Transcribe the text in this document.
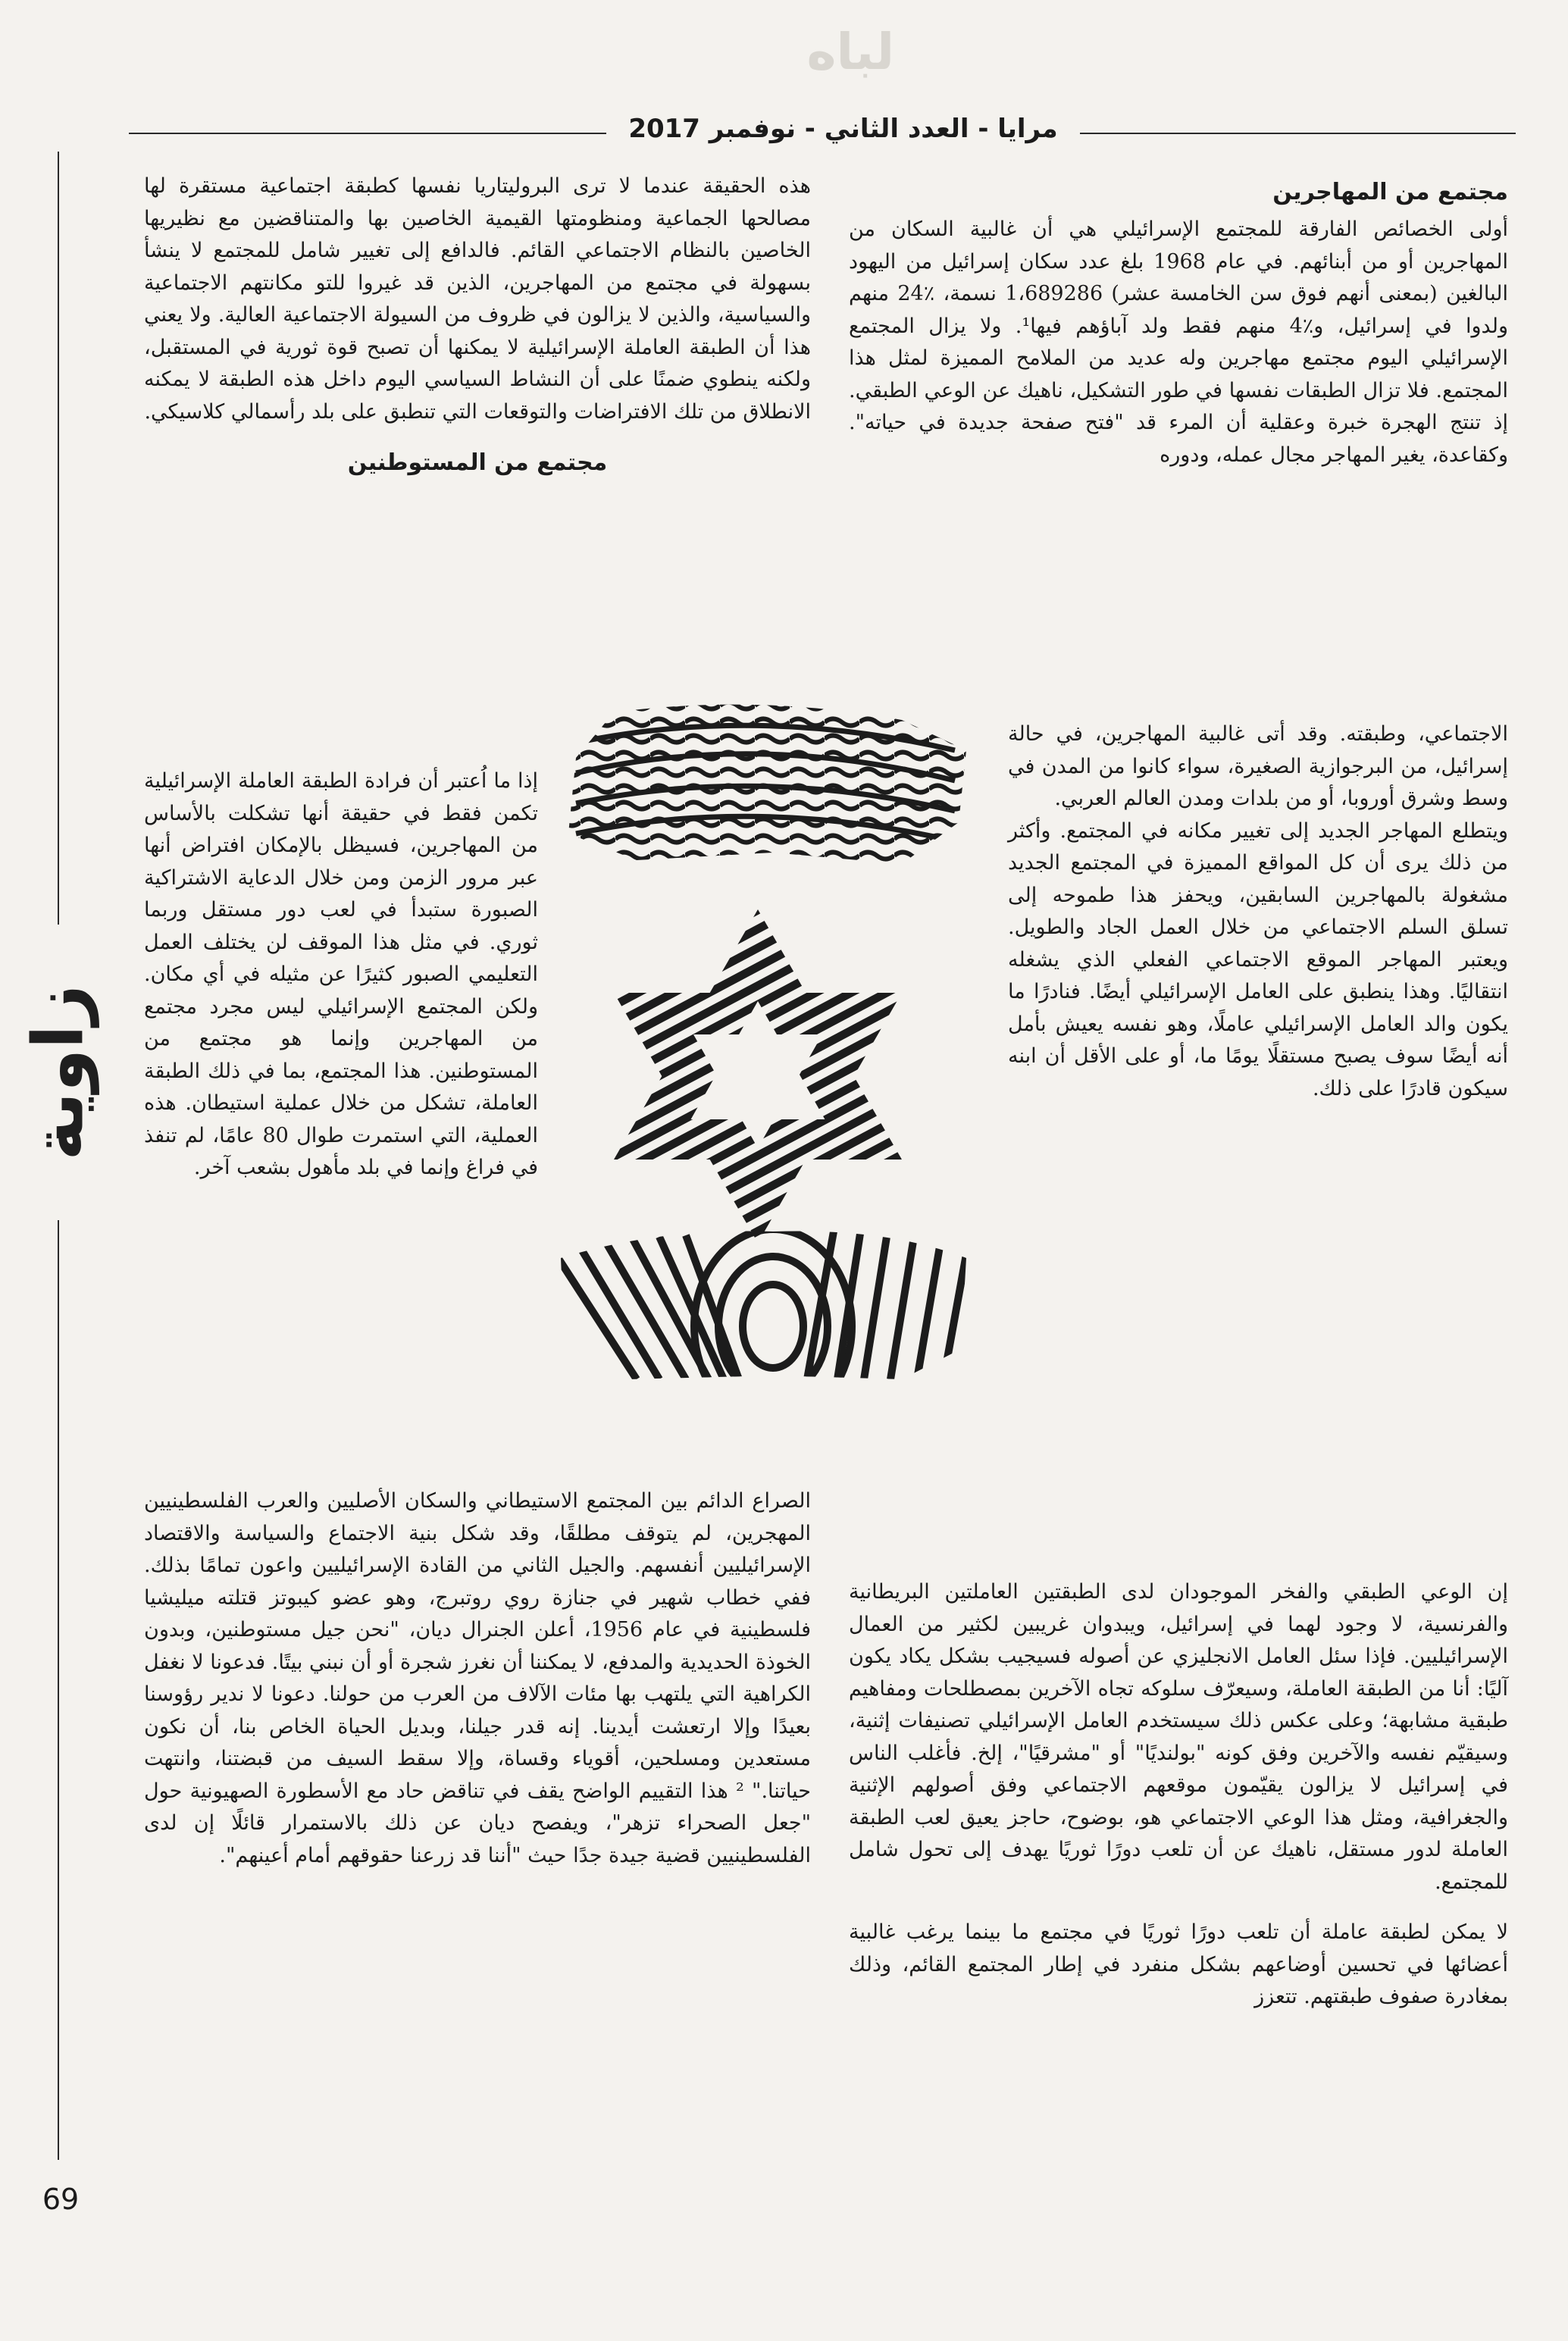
لباه
مرايا - العدد الثاني - نوفمبر 2017
زاوية
69

مجتمع من المهاجرين

أولى الخصائص الفارقة للمجتمع الإسرائيلي هي أن غالبية السكان من المهاجرين أو من أبنائهم. في عام 1968 بلغ عدد سكان إسرائيل من اليهود البالغين (بمعنى أنهم فوق سن الخامسة عشر) 1،689286 نسمة، ٪24 منهم ولدوا في إسرائيل، و٪4 منهم فقط ولد آباؤهم فيها¹. ولا يزال المجتمع الإسرائيلي اليوم مجتمع مهاجرين وله عديد من الملامح المميزة لمثل هذا المجتمع. فلا تزال الطبقات نفسها في طور التشكيل، ناهيك عن الوعي الطبقي. إذ تنتج الهجرة خبرة وعقلية أن المرء قد "فتح صفحة جديدة في حياته". وكقاعدة، يغير المهاجر مجال عمله، ودوره

الاجتماعي، وطبقته. وقد أتى غالبية المهاجرين، في حالة إسرائيل، من البرجوازية الصغيرة، سواء كانوا من المدن في وسط وشرق أوروبا، أو من بلدات ومدن العالم العربي.

ويتطلع المهاجر الجديد إلى تغيير مكانه في المجتمع. وأكثر من ذلك يرى أن كل المواقع المميزة في المجتمع الجديد مشغولة بالمهاجرين السابقين، ويحفز هذا طموحه إلى تسلق السلم الاجتماعي من خلال العمل الجاد والطويل. ويعتبر المهاجر الموقع الاجتماعي الفعلي الذي يشغله انتقاليًا. وهذا ينطبق على العامل الإسرائيلي أيضًا. فنادرًا ما يكون والد العامل الإسرائيلي عاملًا، وهو نفسه يعيش بأمل أنه أيضًا سوف يصبح مستقلًا يومًا ما، أو على الأقل أن ابنه سيكون قادرًا على ذلك.

إن الوعي الطبقي والفخر الموجودان لدى الطبقتين العاملتين البريطانية والفرنسية، لا وجود لهما في إسرائيل، ويبدوان غريبين لكثير من العمال الإسرائيليين. فإذا سئل العامل الانجليزي عن أصوله فسيجيب بشكل يكاد يكون آليًا: أنا من الطبقة العاملة، وسيعرّف سلوكه تجاه الآخرين بمصطلحات ومفاهيم طبقية مشابهة؛ وعلى عكس ذلك سيستخدم العامل الإسرائيلي تصنيفات إثنية، وسيقيّم نفسه والآخرين وفق كونه "بولنديًا" أو "مشرقيًا"، إلخ. فأغلب الناس في إسرائيل لا يزالون يقيّمون موقعهم الاجتماعي وفق أصولهم الإثنية والجغرافية، ومثل هذا الوعي الاجتماعي هو، بوضوح، حاجز يعيق لعب الطبقة العاملة لدور مستقل، ناهيك عن أن تلعب دورًا ثوريًا يهدف إلى تحول شامل للمجتمع.

لا يمكن لطبقة عاملة أن تلعب دورًا ثوريًا في مجتمع ما بينما يرغب غالبية أعضائها في تحسين أوضاعهم بشكل منفرد في إطار المجتمع القائم، وذلك بمغادرة صفوف طبقتهم. تتعزز

هذه الحقيقة عندما لا ترى البروليتاريا نفسها كطبقة اجتماعية مستقرة لها مصالحها الجماعية ومنظومتها القيمية الخاصين بها والمتناقضين مع نظيريها الخاصين بالنظام الاجتماعي القائم. فالدافع إلى تغيير شامل للمجتمع لا ينشأ بسهولة في مجتمع من المهاجرين، الذين قد غيروا للتو مكانتهم الاجتماعية والسياسية، والذين لا يزالون في ظروف من السيولة الاجتماعية العالية. ولا يعني هذا أن الطبقة العاملة الإسرائيلية لا يمكنها أن تصبح قوة ثورية في المستقبل، ولكنه ينطوي ضمنًا على أن النشاط السياسي اليوم داخل هذه الطبقة لا يمكنه الانطلاق من تلك الافتراضات والتوقعات التي تنطبق على بلد رأسمالي كلاسيكي.

مجتمع من المستوطنين

إذا ما اُعتبر أن فرادة الطبقة العاملة الإسرائيلية تكمن فقط في حقيقة أنها تشكلت بالأساس من المهاجرين، فسيظل بالإمكان افتراض أنها عبر مرور الزمن ومن خلال الدعاية الاشتراكية الصبورة ستبدأ في لعب دور مستقل وربما ثوري. في مثل هذا الموقف لن يختلف العمل التعليمي الصبور كثيرًا عن مثيله في أي مكان. ولكن المجتمع الإسرائيلي ليس مجرد مجتمع من المهاجرين وإنما هو مجتمع من المستوطنين. هذا المجتمع، بما في ذلك الطبقة العاملة، تشكل من خلال عملية استيطان. هذه العملية، التي استمرت طوال 80 عامًا، لم تنفذ في فراغ وإنما في بلد مأهول بشعب آخر.

الصراع الدائم بين المجتمع الاستيطاني والسكان الأصليين والعرب الفلسطينيين المهجرين، لم يتوقف مطلقًا، وقد شكل بنية الاجتماع والسياسة والاقتصاد الإسرائيليين أنفسهم. والجيل الثاني من القادة الإسرائيليين واعون تمامًا بذلك. ففي خطاب شهير في جنازة روي روتبرج، وهو عضو كيبوتز قتلته ميليشيا فلسطينية في عام 1956، أعلن الجنرال ديان، "نحن جيل مستوطنين، وبدون الخوذة الحديدية والمدفع، لا يمكننا أن نغرز شجرة أو أن نبني بيتًا. فدعونا لا نغفل الكراهية التي يلتهب بها مئات الآلاف من العرب من حولنا. دعونا لا ندير رؤوسنا بعيدًا وإلا ارتعشت أيدينا. إنه قدر جيلنا، وبديل الحياة الخاص بنا، أن نكون مستعدين ومسلحين، أقوياء وقساة، وإلا سقط السيف من قبضتنا، وانتهت حياتنا." ² هذا التقييم الواضح يقف في تناقض حاد مع الأسطورة الصهيونية حول "جعل الصحراء تزهر"، ويفصح ديان عن ذلك بالاستمرار قائلًا إن لدى الفلسطينيين قضية جيدة جدًا حيث "أننا قد زرعنا حقوقهم أمام أعينهم".
